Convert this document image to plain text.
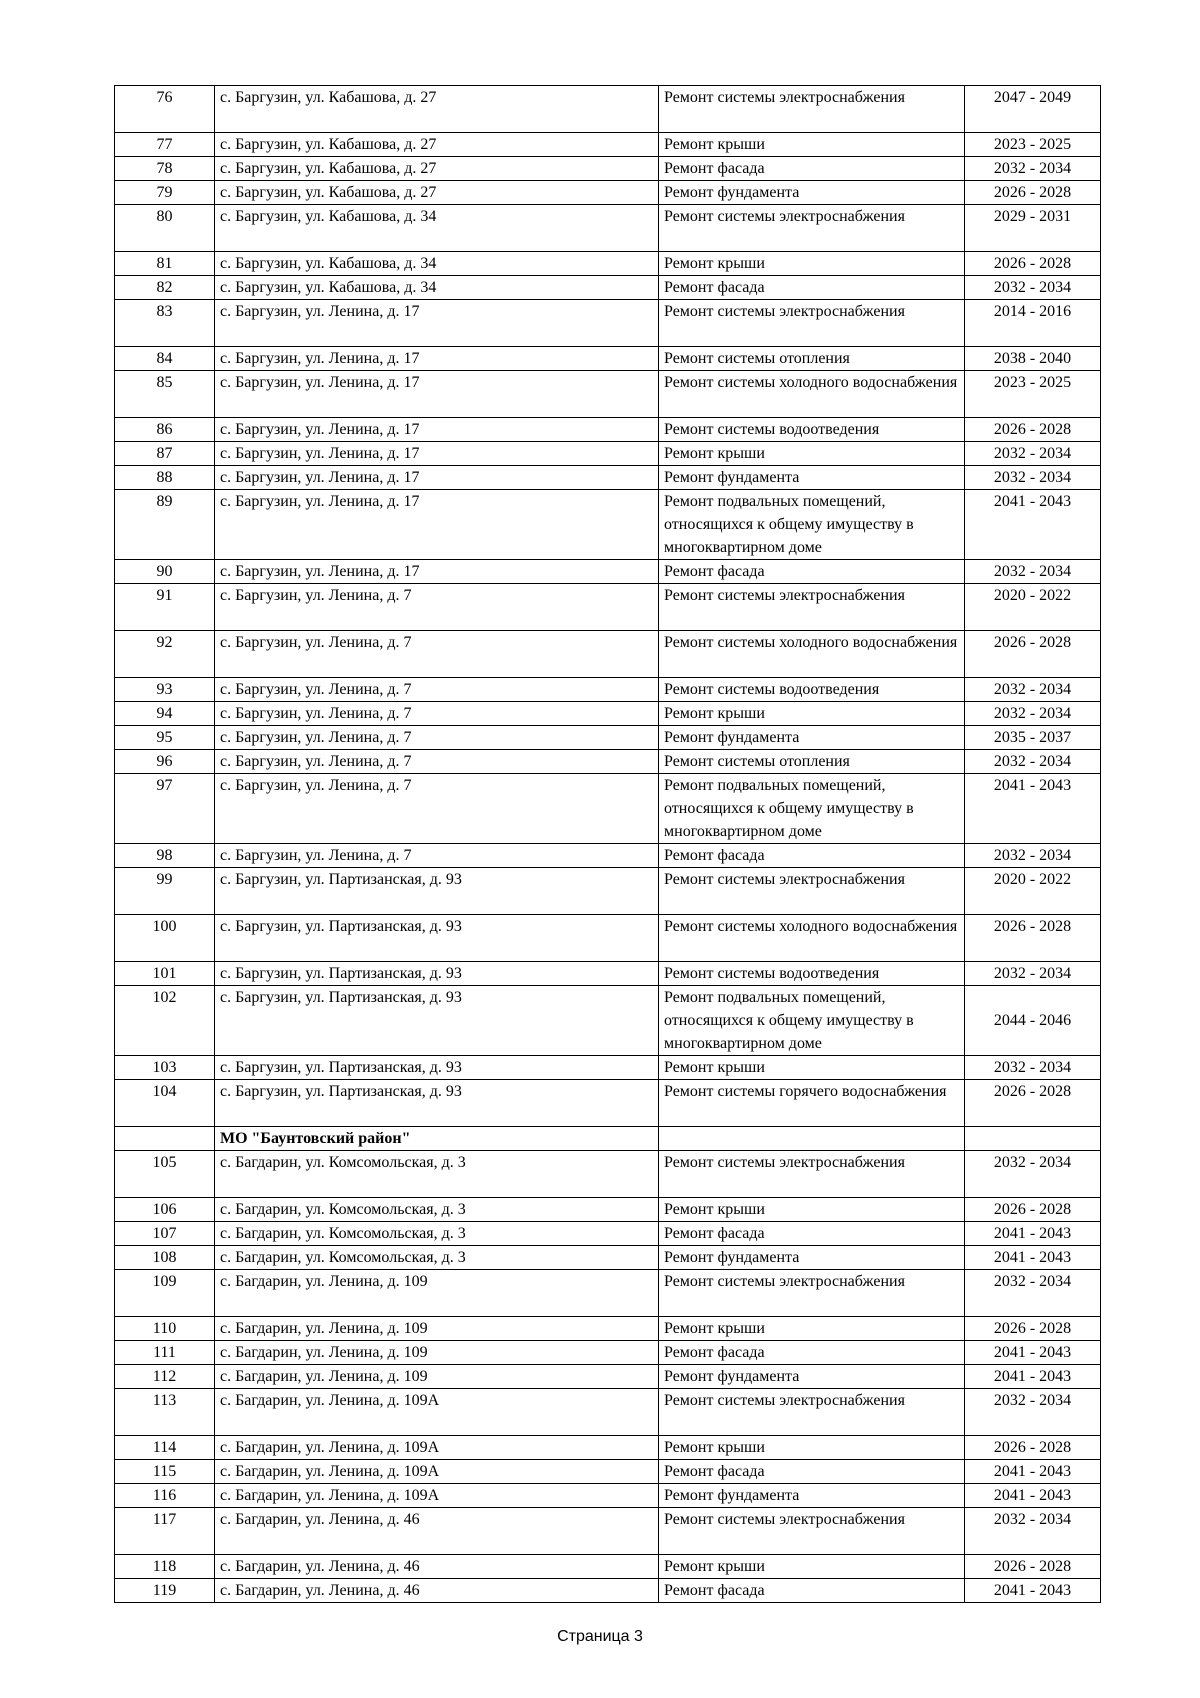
76	с. Баргузин, ул. Кабашова, д. 27	Ремонт системы электроснабжения	2047 - 2049
77	с. Баргузин, ул. Кабашова, д. 27	Ремонт крыши	2023 - 2025
78	с. Баргузин, ул. Кабашова, д. 27	Ремонт фасада	2032 - 2034
79	с. Баргузин, ул. Кабашова, д. 27	Ремонт фундамента	2026 - 2028
80	с. Баргузин, ул. Кабашова, д. 34	Ремонт системы электроснабжения	2029 - 2031
81	с. Баргузин, ул. Кабашова, д. 34	Ремонт крыши	2026 - 2028
82	с. Баргузин, ул. Кабашова, д. 34	Ремонт фасада	2032 - 2034
83	с. Баргузин, ул. Ленина, д. 17	Ремонт системы электроснабжения	2014 - 2016
84	с. Баргузин, ул. Ленина, д. 17	Ремонт системы отопления	2038 - 2040
85	с. Баргузин, ул. Ленина, д. 17	Ремонт системы холодного водоснабжения	2023 - 2025
86	с. Баргузин, ул. Ленина, д. 17	Ремонт системы водоотведения	2026 - 2028
87	с. Баргузин, ул. Ленина, д. 17	Ремонт крыши	2032 - 2034
88	с. Баргузин, ул. Ленина, д. 17	Ремонт фундамента	2032 - 2034
89	с. Баргузин, ул. Ленина, д. 17	Ремонт подвальных помещений, относящихся к общему имуществу в многоквартирном доме	2041 - 2043
90	с. Баргузин, ул. Ленина, д. 17	Ремонт фасада	2032 - 2034
91	с. Баргузин, ул. Ленина, д. 7	Ремонт системы электроснабжения	2020 - 2022
92	с. Баргузин, ул. Ленина, д. 7	Ремонт системы холодного водоснабжения	2026 - 2028
93	с. Баргузин, ул. Ленина, д. 7	Ремонт системы водоотведения	2032 - 2034
94	с. Баргузин, ул. Ленина, д. 7	Ремонт крыши	2032 - 2034
95	с. Баргузин, ул. Ленина, д. 7	Ремонт фундамента	2035 - 2037
96	с. Баргузин, ул. Ленина, д. 7	Ремонт системы отопления	2032 - 2034
97	с. Баргузин, ул. Ленина, д. 7	Ремонт подвальных помещений, относящихся к общему имуществу в многоквартирном доме	2041 - 2043
98	с. Баргузин, ул. Ленина, д. 7	Ремонт фасада	2032 - 2034
99	с. Баргузин, ул. Партизанская, д. 93	Ремонт системы электроснабжения	2020 - 2022
100	с. Баргузин, ул. Партизанская, д. 93	Ремонт системы холодного водоснабжения	2026 - 2028
101	с. Баргузин, ул. Партизанская, д. 93	Ремонт системы водоотведения	2032 - 2034
102	с. Баргузин, ул. Партизанская, д. 93	Ремонт подвальных помещений, относящихся к общему имуществу в многоквартирном доме	2044 - 2046
103	с. Баргузин, ул. Партизанская, д. 93	Ремонт крыши	2032 - 2034
104	с. Баргузин, ул. Партизанская, д. 93	Ремонт системы горячего водоснабжения	2026 - 2028
	МО "Баунтовский район"		
105	с. Багдарин, ул. Комсомольская, д. 3	Ремонт системы электроснабжения	2032 - 2034
106	с. Багдарин, ул. Комсомольская, д. 3	Ремонт крыши	2026 - 2028
107	с. Багдарин, ул. Комсомольская, д. 3	Ремонт фасада	2041 - 2043
108	с. Багдарин, ул. Комсомольская, д. 3	Ремонт фундамента	2041 - 2043
109	с. Багдарин, ул. Ленина, д. 109	Ремонт системы электроснабжения	2032 - 2034
110	с. Багдарин, ул. Ленина, д. 109	Ремонт крыши	2026 - 2028
111	с. Багдарин, ул. Ленина, д. 109	Ремонт фасада	2041 - 2043
112	с. Багдарин, ул. Ленина, д. 109	Ремонт фундамента	2041 - 2043
113	с. Багдарин, ул. Ленина, д. 109А	Ремонт системы электроснабжения	2032 - 2034
114	с. Багдарин, ул. Ленина, д. 109А	Ремонт крыши	2026 - 2028
115	с. Багдарин, ул. Ленина, д. 109А	Ремонт фасада	2041 - 2043
116	с. Багдарин, ул. Ленина, д. 109А	Ремонт фундамента	2041 - 2043
117	с. Багдарин, ул. Ленина, д. 46	Ремонт системы электроснабжения	2032 - 2034
118	с. Багдарин, ул. Ленина, д. 46	Ремонт крыши	2026 - 2028
119	с. Багдарин, ул. Ленина, д. 46	Ремонт фасада	2041 - 2043
Страница 3
